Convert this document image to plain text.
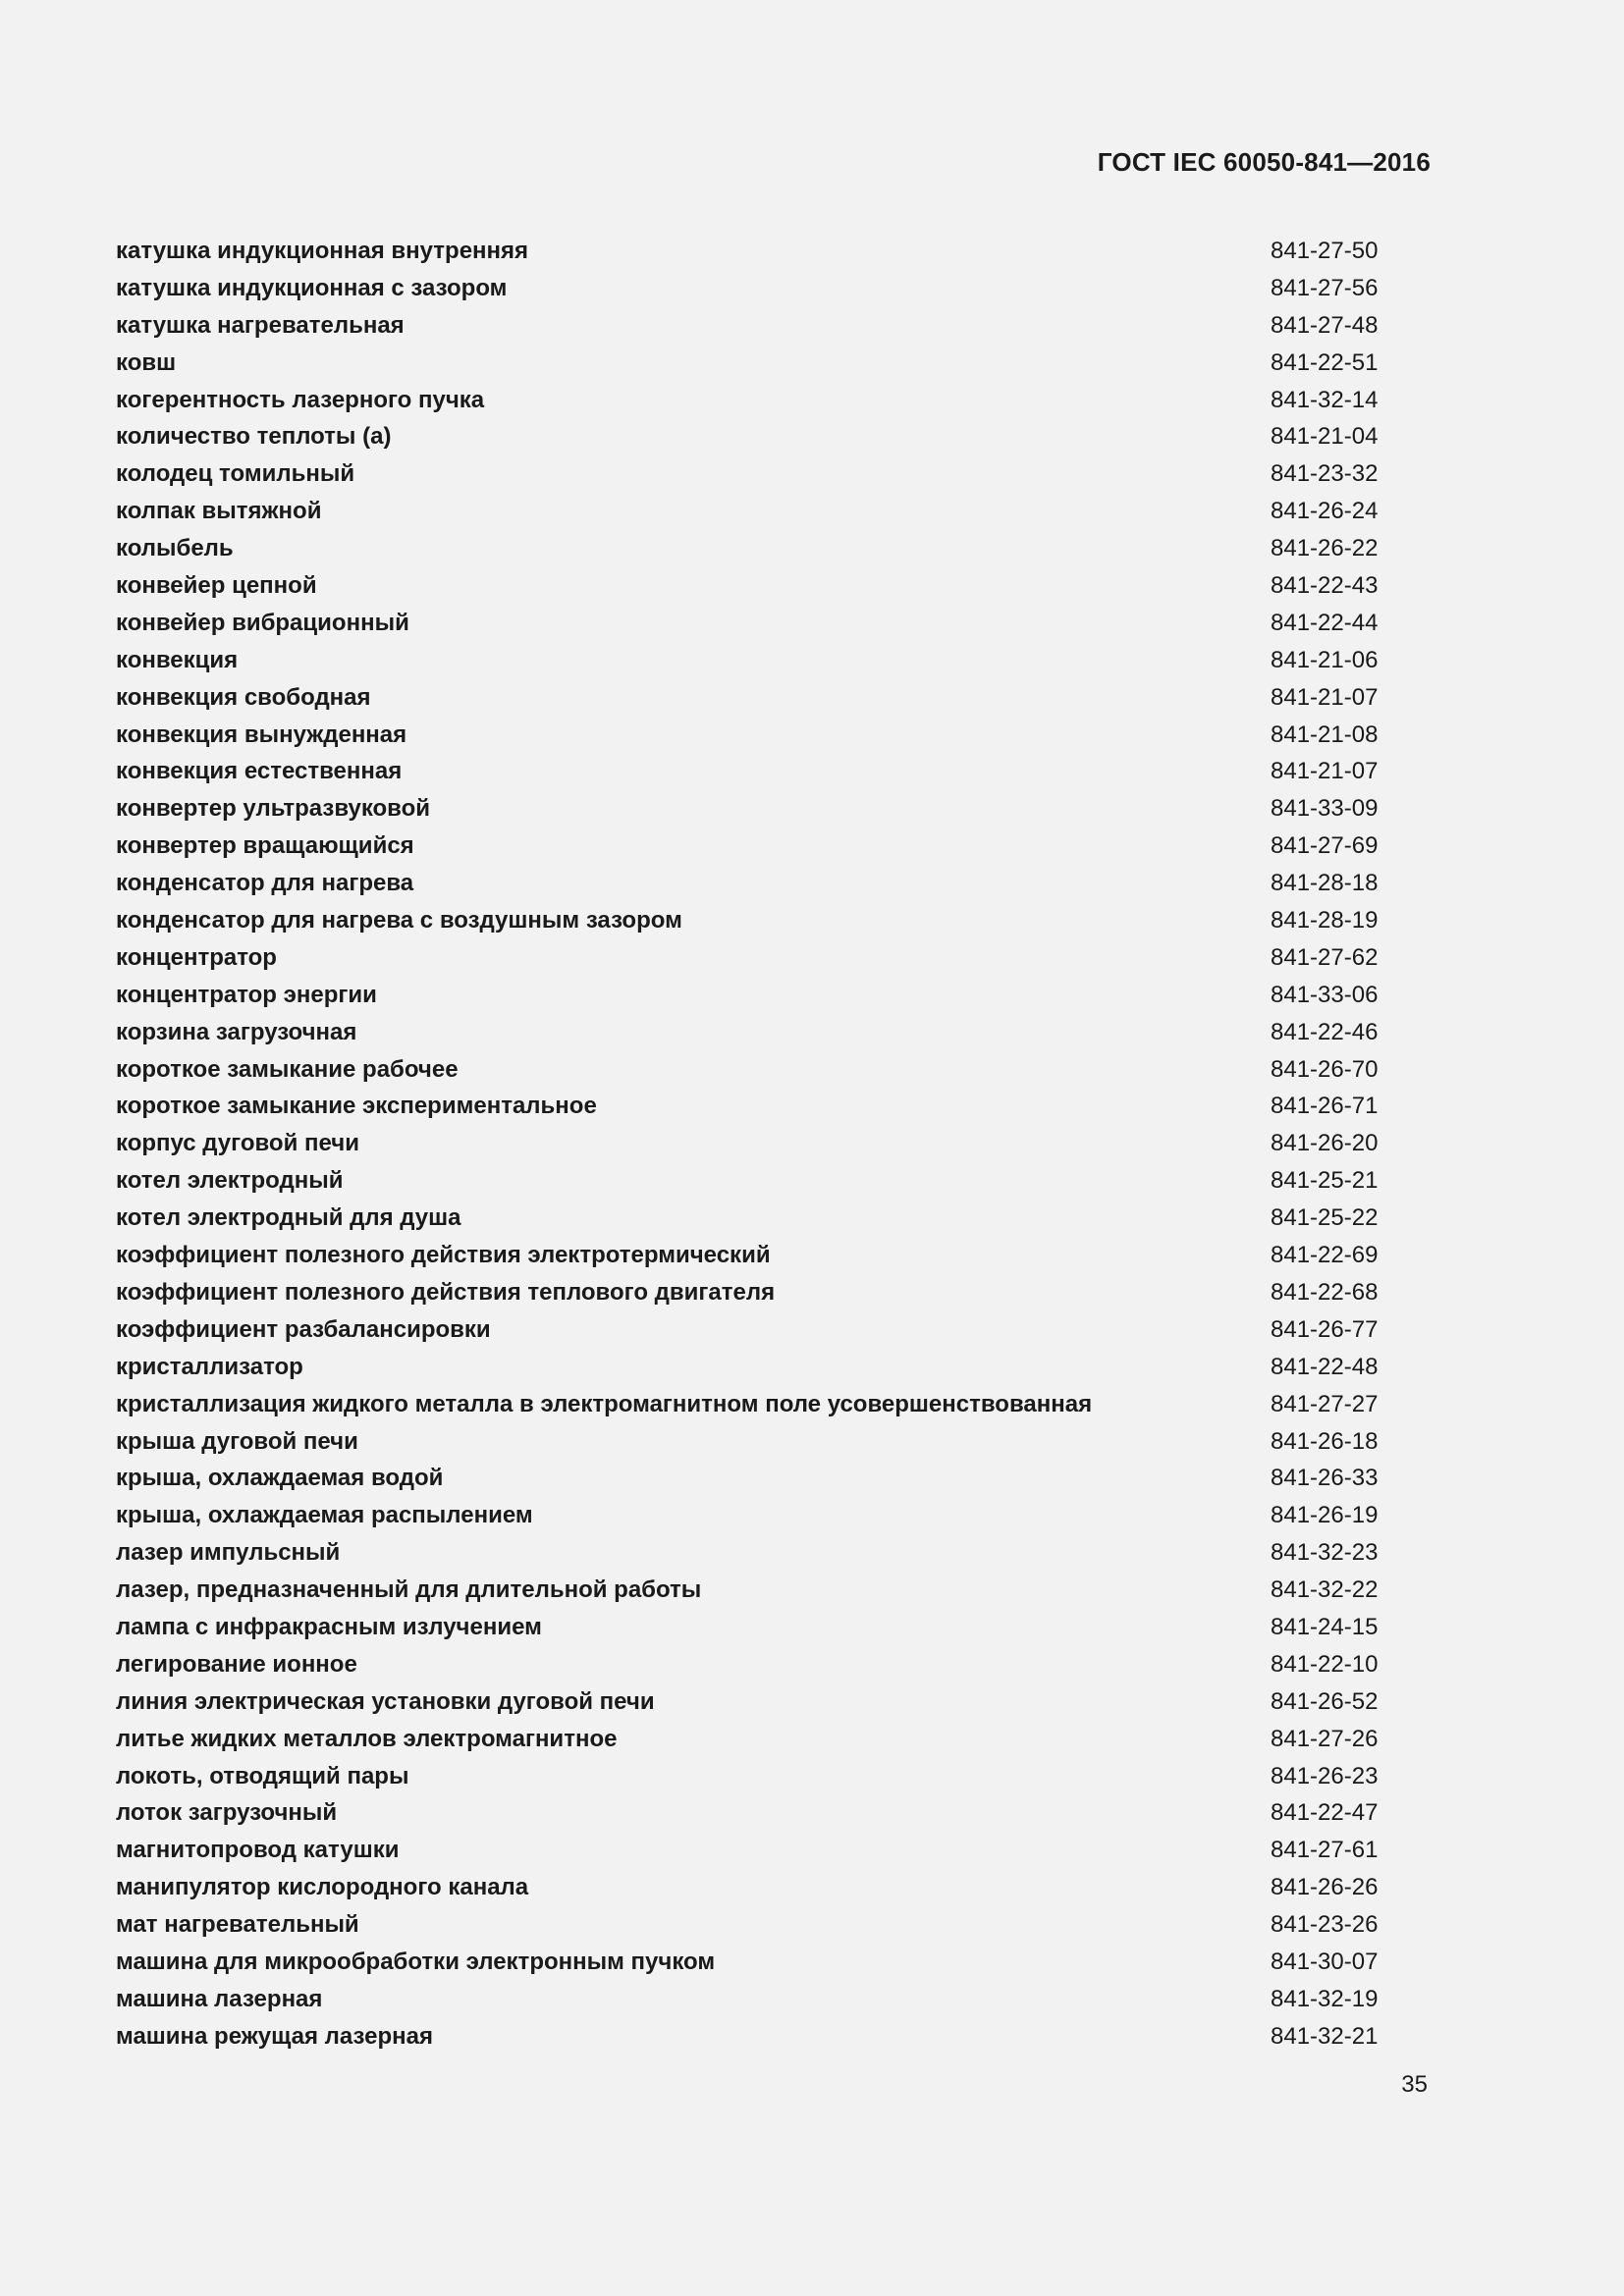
ГОСТ IEC 60050-841—2016
катушка индукционная внутренняя	841-27-50
катушка индукционная с зазором	841-27-56
катушка нагревательная	841-27-48
ковш	841-22-51
когерентность лазерного пучка	841-32-14
количество теплоты (а)	841-21-04
колодец томильный	841-23-32
колпак вытяжной	841-26-24
колыбель	841-26-22
конвейер цепной	841-22-43
конвейер вибрационный	841-22-44
конвекция	841-21-06
конвекция свободная	841-21-07
конвекция вынужденная	841-21-08
конвекция естественная	841-21-07
конвертер ультразвуковой	841-33-09
конвертер вращающийся	841-27-69
конденсатор для нагрева	841-28-18
конденсатор для нагрева с воздушным зазором	841-28-19
концентратор	841-27-62
концентратор энергии	841-33-06
корзина загрузочная	841-22-46
короткое замыкание рабочее	841-26-70
короткое замыкание экспериментальное	841-26-71
корпус дуговой печи	841-26-20
котел электродный	841-25-21
котел электродный для душа	841-25-22
коэффициент полезного действия электротермический	841-22-69
коэффициент полезного действия теплового двигателя	841-22-68
коэффициент разбалансировки	841-26-77
кристаллизатор	841-22-48
кристаллизация жидкого металла в электромагнитном поле усовершенствованная	841-27-27
крыша дуговой печи	841-26-18
крыша, охлаждаемая водой	841-26-33
крыша, охлаждаемая распылением	841-26-19
лазер импульсный	841-32-23
лазер, предназначенный для длительной работы	841-32-22
лампа с инфракрасным излучением	841-24-15
легирование ионное	841-22-10
линия электрическая установки дуговой печи	841-26-52
литье жидких металлов электромагнитное	841-27-26
локоть, отводящий пары	841-26-23
лоток загрузочный	841-22-47
магнитопровод катушки	841-27-61
манипулятор кислородного канала	841-26-26
мат нагревательный	841-23-26
машина для микрообработки электронным пучком	841-30-07
машина лазерная	841-32-19
машина режущая лазерная	841-32-21
35
